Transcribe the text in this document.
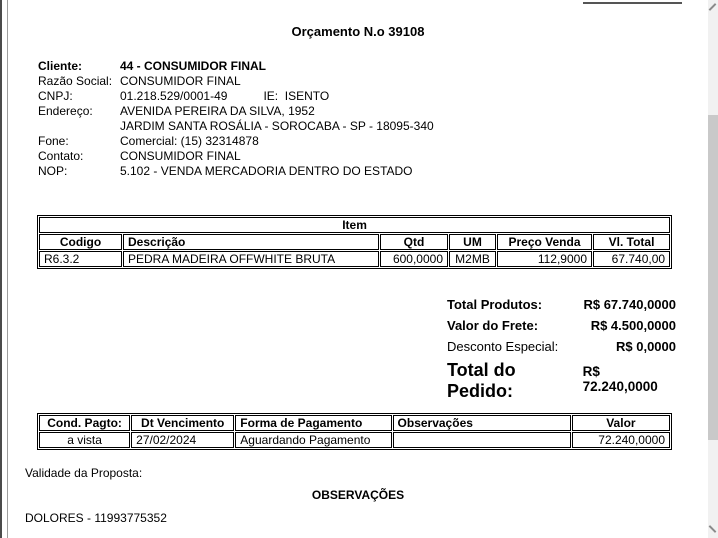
Orçamento N.o 39108
Cliente:	44 - CONSUMIDOR FINAL
Razão Social: CONSUMIDOR FINAL
CNPJ:	01.218.529/0001-49	IE:  ISENTO
Endereço:	AVENIDA PEREIRA DA SILVA, 1952
JARDIM SANTA ROSÁLIA - SOROCABA - SP - 18095-340
Fone:	Comercial: (15) 32314878
Contato:	CONSUMIDOR FINAL
NOP:	5.102 - VENDA MERCADORIA DENTRO DO ESTADO
Item					
Codigo	Descrição	Qtd	UM	Preço Venda	Vl. Total
R6.3.2	PEDRA MADEIRA OFFWHITE BRUTA	600,0000	M2MB	112,9000	67.740,00
Total Produtos:	R$ 67.740,0000
Valor do Frete:	R$ 4.500,0000
Desconto Especial:	R$ 0,0000
Total do Pedido:
R$ 72.240,0000
Cond. Pagto:	Dt Vencimento	Forma de Pagamento	Observações	Valor
a vista	27/02/2024	Aguardando Pagamento		72.240,0000
Validade da Proposta:
OBSERVAÇÕES
DOLORES - 11993775352
